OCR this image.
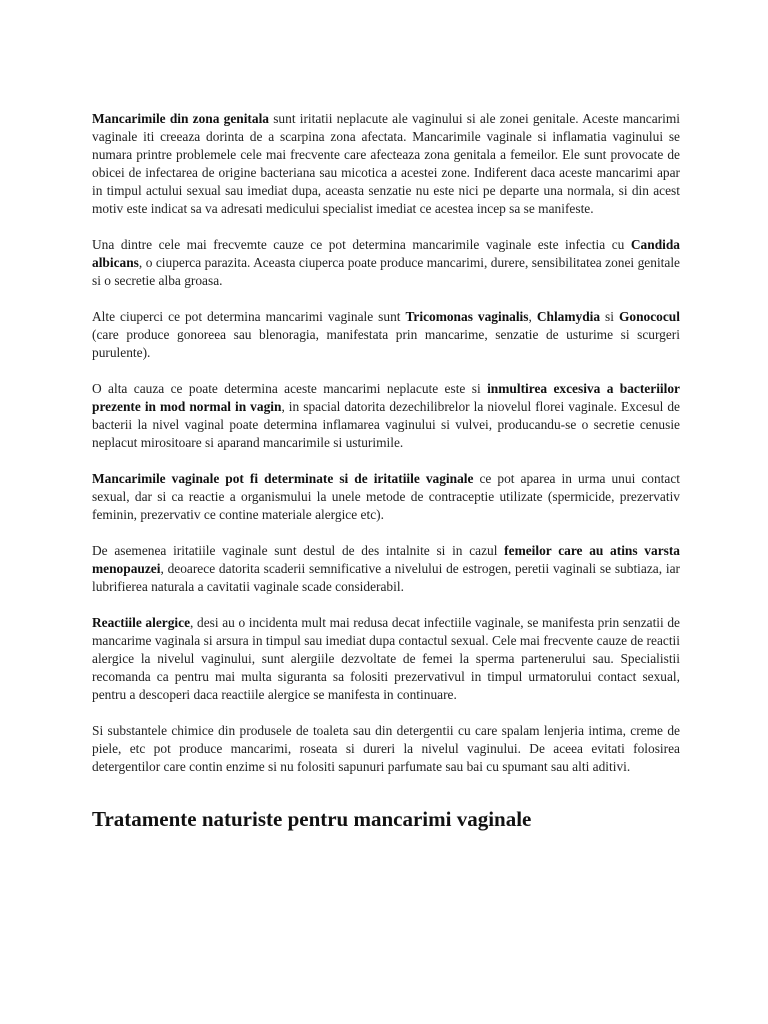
Mancarimile din zona genitala sunt iritatii neplacute ale vaginului si ale zonei genitale. Aceste mancarimi vaginale iti creeaza dorinta de a scarpina zona afectata. Mancarimile vaginale si inflamatia vaginului se numara printre problemele cele mai frecvente care afecteaza zona genitala a femeilor. Ele sunt provocate de obicei de infectarea de origine bacteriana sau micotica a acestei zone. Indiferent daca aceste mancarimi apar in timpul actului sexual sau imediat dupa, aceasta senzatie nu este nici pe departe una normala, si din acest motiv este indicat sa va adresati medicului specialist imediat ce acestea incep sa se manifeste.

Una dintre cele mai frecvemte cauze ce pot determina mancarimile vaginale este infectia cu Candida albicans, o ciuperca parazita. Aceasta ciuperca poate produce mancarimi, durere, sensibilitatea zonei genitale si o secretie alba groasa.

Alte ciuperci ce pot determina mancarimi vaginale sunt Tricomonas vaginalis, Chlamydia si Gonococul (care produce gonoreea sau blenoragia, manifestata prin mancarime, senzatie de usturime si scurgeri purulente).

O alta cauza ce poate determina aceste mancarimi neplacute este si inmultirea excesiva a bacteriilor prezente in mod normal in vagin, in spacial datorita dezechilibrelor la niovelul florei vaginale. Excesul de bacterii la nivel vaginal poate determina inflamarea vaginului si vulvei, producandu-se o secretie cenusie neplacut mirositoare si aparand mancarimile si usturimile.

Mancarimile vaginale pot fi determinate si de iritatiile vaginale ce pot aparea in urma unui contact sexual, dar si ca reactie a organismului la unele metode de contraceptie utilizate (spermicide, prezervativ feminin, prezervativ ce contine materiale alergice etc).

De asemenea iritatiile vaginale sunt destul de des intalnite si in cazul femeilor care au atins varsta menopauzei, deoarece datorita scaderii semnificative a nivelului de estrogen, peretii vaginali se subtiaza, iar lubrifierea naturala a cavitatii vaginale scade considerabil.

Reactiile alergice, desi au o incidenta mult mai redusa decat infectiile vaginale, se manifesta prin senzatii de mancarime vaginala si arsura in timpul sau imediat dupa contactul sexual. Cele mai frecvente cauze de reactii alergice la nivelul vaginului, sunt alergiile dezvoltate de femei la sperma partenerului sau. Specialistii recomanda ca pentru mai multa siguranta sa folositi prezervativul in timpul urmatorului contact sexual, pentru a descoperi daca reactiile alergice se manifesta in continuare.

Si substantele chimice din produsele de toaleta sau din detergentii cu care spalam lenjeria intima, creme de piele, etc pot produce mancarimi, roseata si dureri la nivelul vaginului. De aceea evitati folosirea detergentilor care contin enzime si nu folositi sapunuri parfumate sau bai cu spumant sau alti aditivi.

Tratamente naturiste pentru mancarimi vaginale
